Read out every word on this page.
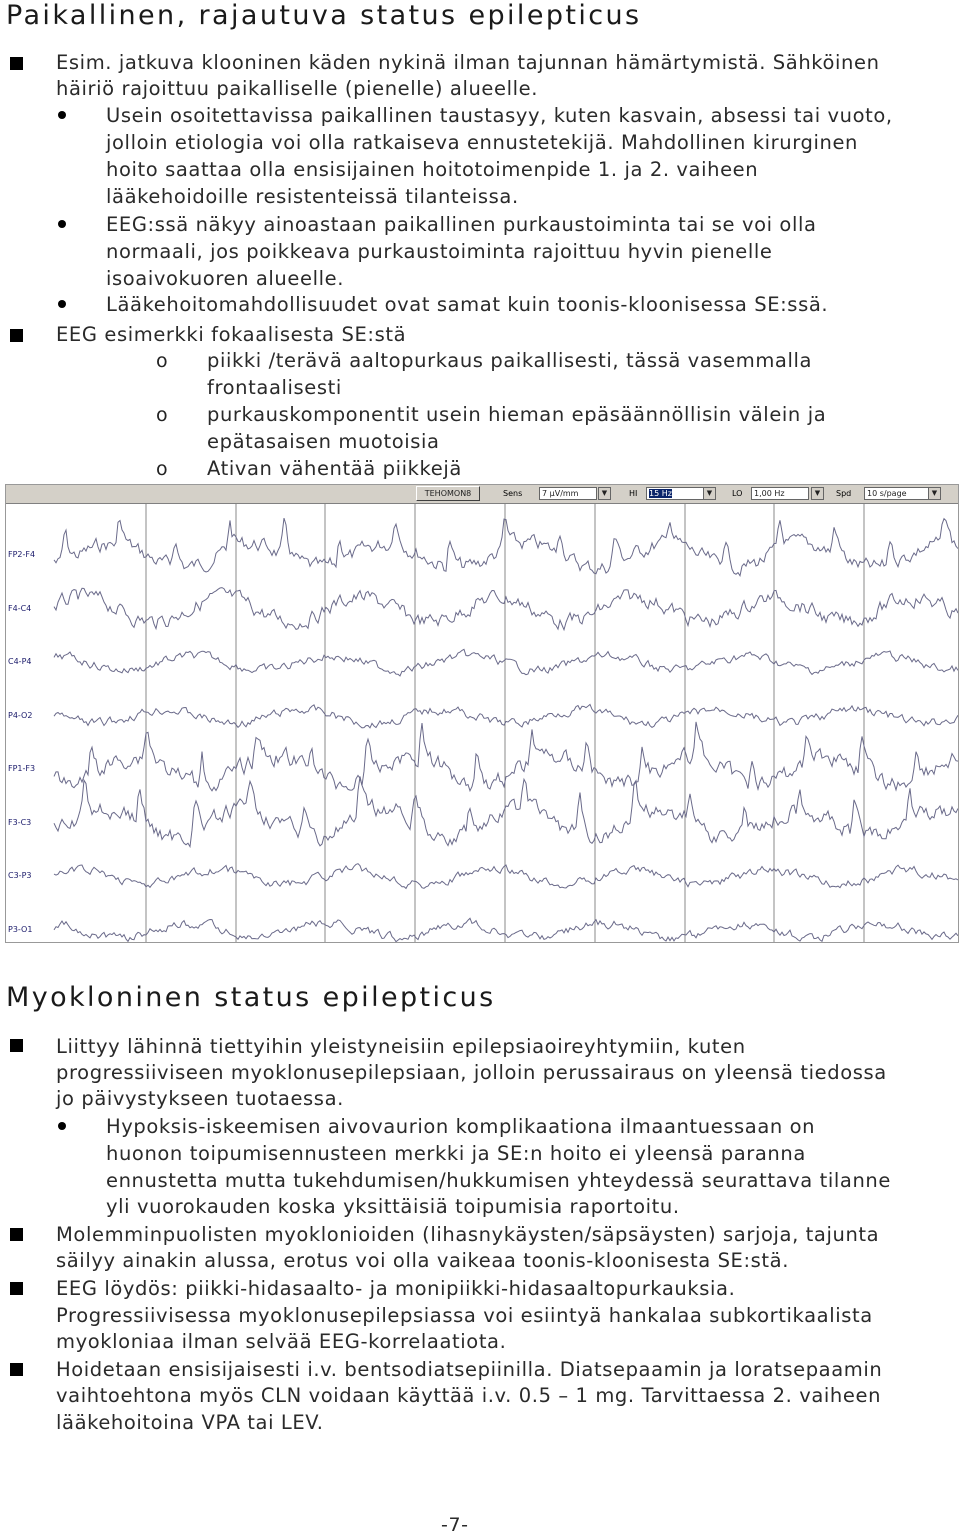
Paikallinen, rajautuva status epilepticus
Esim. jatkuva klooninen käden nykinä ilman tajunnan hämärtymistä. Sähköinen
häiriö rajoittuu paikalliselle (pienelle) alueelle.
Usein osoitettavissa paikallinen taustasyy, kuten kasvain, absessi tai vuoto,
jolloin etiologia voi olla ratkaiseva ennustetekijä. Mahdollinen kirurginen
hoito saattaa olla ensisijainen hoitotoimenpide 1. ja 2. vaiheen
lääkehoidoille resistenteissä tilanteissa.
EEG:ssä näkyy ainoastaan paikallinen purkaustoiminta tai se voi olla
normaali, jos poikkeava purkaustoiminta rajoittuu hyvin pienelle
isoaivokuoren alueelle.
Lääkehoitomahdollisuudet ovat samat kuin toonis-kloonisessa SE:ssä.
EEG esimerkki fokaalisesta SE:stä
o piikki /terävä aaltopurkaus paikallisesti, tässä vasemmalla
frontaalisesti
o purkauskomponentit usein hieman epäsäännöllisin välein ja
epätasaisen muotoisia
o Ativan vähentää piikkejä
TEHOMON8	Sens	7 µV/mm	▼	HI	15 Hz	▼	LO	1,00 Hz	▼	Spd	10 s/page	▼
FP2-F4
F4-C4
C4-P4
P4-O2
FP1-F3
F3-C3
C3-P3
P3-O1
Myokloninen status epilepticus
Liittyy lähinnä tiettyihin yleistyneisiin epilepsiaoireyhtymiin, kuten
progressiiviseen myoklonusepilepsiaan, jolloin perussairaus on yleensä tiedossa
jo päivystykseen tuotaessa.
Hypoksis-iskeemisen aivovaurion komplikaationa ilmaantuessaan on
huonon toipumisennusteen merkki ja SE:n hoito ei yleensä paranna
ennustetta mutta tukehdumisen/hukkumisen yhteydessä seurattava tilanne
yli vuorokauden koska yksittäisiä toipumisia raportoitu.
Molemminpuolisten myoklonioiden (lihasnykäysten/säpsäysten) sarjoja, tajunta
säilyy ainakin alussa, erotus voi olla vaikeaa toonis-kloonisesta SE:stä.
EEG löydös: piikki-hidasaalto- ja monipiikki-hidasaaltopurkauksia.
Progressiivisessa myoklonusepilepsiassa voi esiintyä hankalaa subkortikaalista
myokloniaa ilman selvää EEG-korrelaatiota.
Hoidetaan ensisijaisesti i.v. bentsodiatsepiinilla. Diatsepaamin ja loratsepaamin
vaihtoehtona myös CLN voidaan käyttää i.v. 0.5 – 1 mg. Tarvittaessa 2. vaiheen
lääkehoitoina VPA tai LEV.
-7-
